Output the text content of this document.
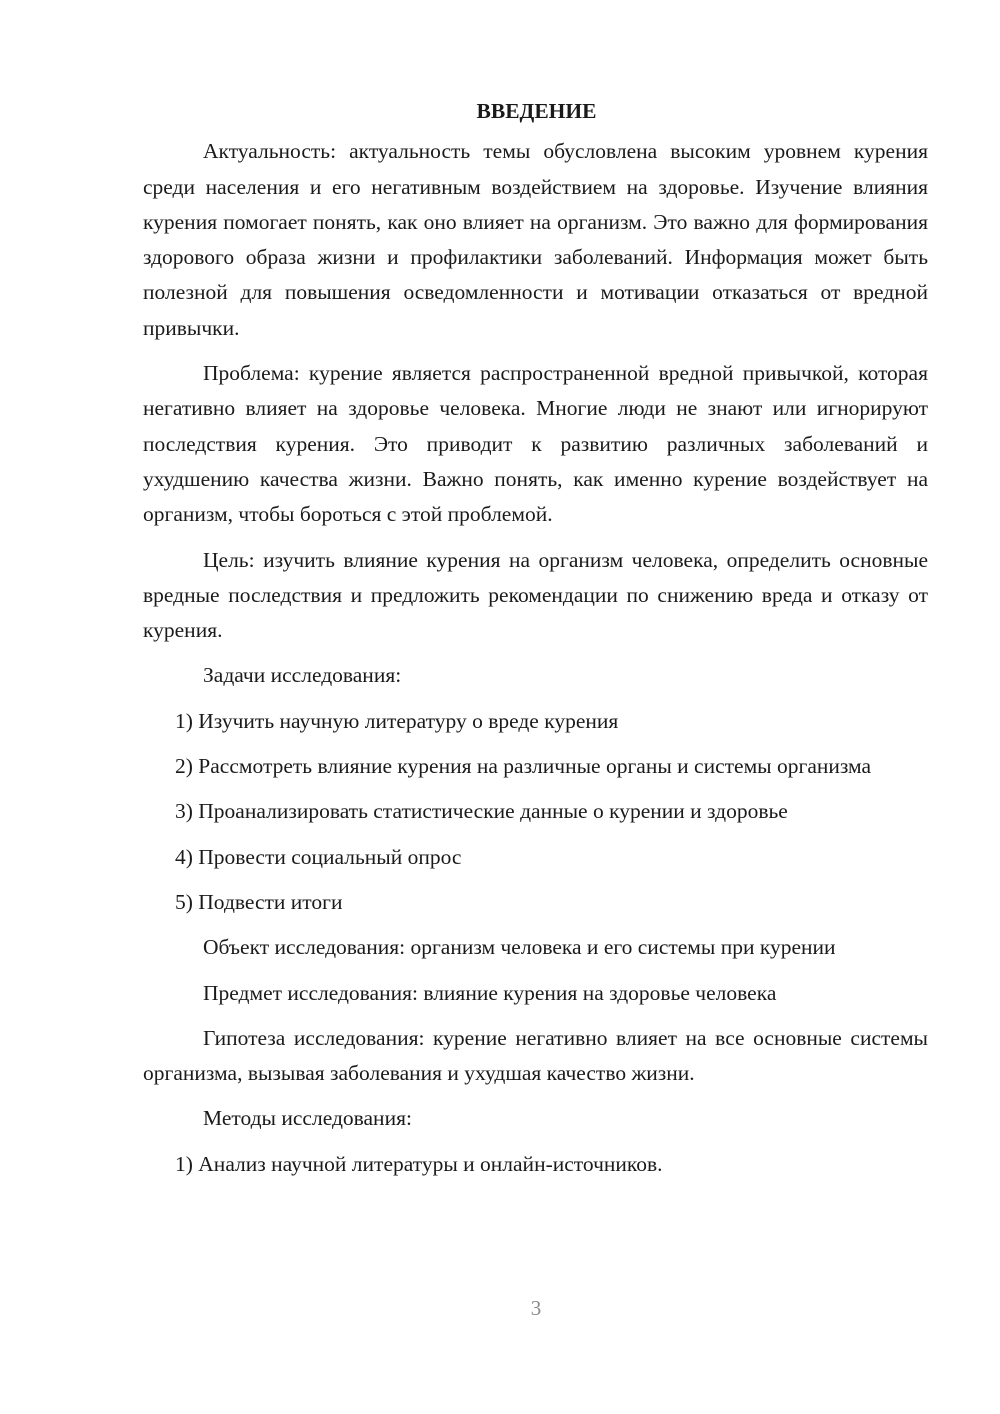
ВВЕДЕНИЕ

Актуальность: актуальность темы обусловлена высоким уровнем курения среди населения и его негативным воздействием на здоровье. Изучение влияния курения помогает понять, как оно влияет на организм. Это важно для формирования здорового образа жизни и профилактики заболеваний. Информация может быть полезной для повышения осведомленности и мотивации отказаться от вредной привычки.

Проблема: курение является распространенной вредной привычкой, которая негативно влияет на здоровье человека. Многие люди не знают или игнорируют последствия курения. Это приводит к развитию различных заболеваний и ухудшению качества жизни. Важно понять, как именно курение воздействует на организм, чтобы бороться с этой проблемой.

Цель: изучить влияние курения на организм человека, определить основные вредные последствия и предложить рекомендации по снижению вреда и отказу от курения.

Задачи исследования:

1) Изучить научную литературу о вреде курения

2) Рассмотреть влияние курения на различные органы и системы организма

3) Проанализировать статистические данные о курении и здоровье

4) Провести социальный опрос

5) Подвести итоги

Объект исследования: организм человека и его системы при курении

Предмет исследования: влияние курения на здоровье человека

Гипотеза исследования: курение негативно влияет на все основные системы организма, вызывая заболевания и ухудшая качество жизни.

Методы исследования:

1) Анализ научной литературы и онлайн-источников.

3
